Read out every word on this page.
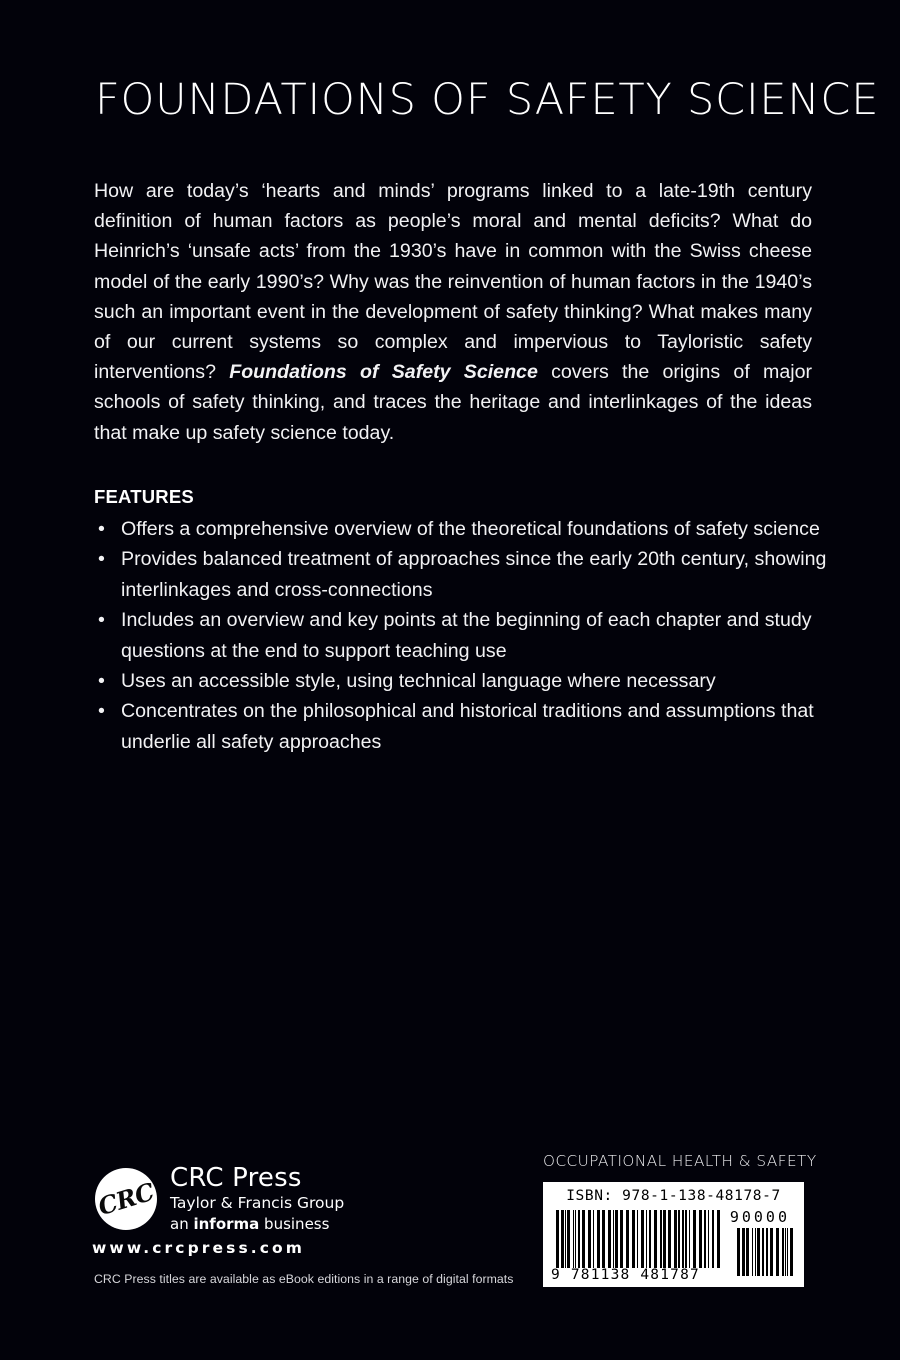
FOUNDATIONS OF SAFETY SCIENCE

How are today’s ‘hearts and minds’ programs linked to a late-19th century definition of human factors as people’s moral and mental deficits? What do Heinrich’s ‘unsafe acts’ from the 1930’s have in common with the Swiss cheese model of the early 1990’s? Why was the reinvention of human factors in the 1940’s such an important event in the development of safety thinking? What makes many of our current systems so complex and impervious to Tayloristic safety interventions? Foundations of Safety Science covers the origins of major schools of safety thinking, and traces the heritage and interlinkages of the ideas that make up safety science today.

FEATURES
• Offers a comprehensive overview of the theoretical foundations of safety science
• Provides balanced treatment of approaches since the early 20th century, showing interlinkages and cross-connections
• Includes an overview and key points at the beginning of each chapter and study questions at the end to support teaching use
• Uses an accessible style, using technical language where necessary
• Concentrates on the philosophical and historical traditions and assumptions that underlie all safety approaches
CRC CRC Press
Taylor & Francis Group
an informa business
www.crcpress.com
CRC Press titles are available as eBook editions in a range of digital formats
OCCUPATIONAL HEALTH & SAFETY
ISBN: 978-1-138-48178-7
90000
9 781138 481787
